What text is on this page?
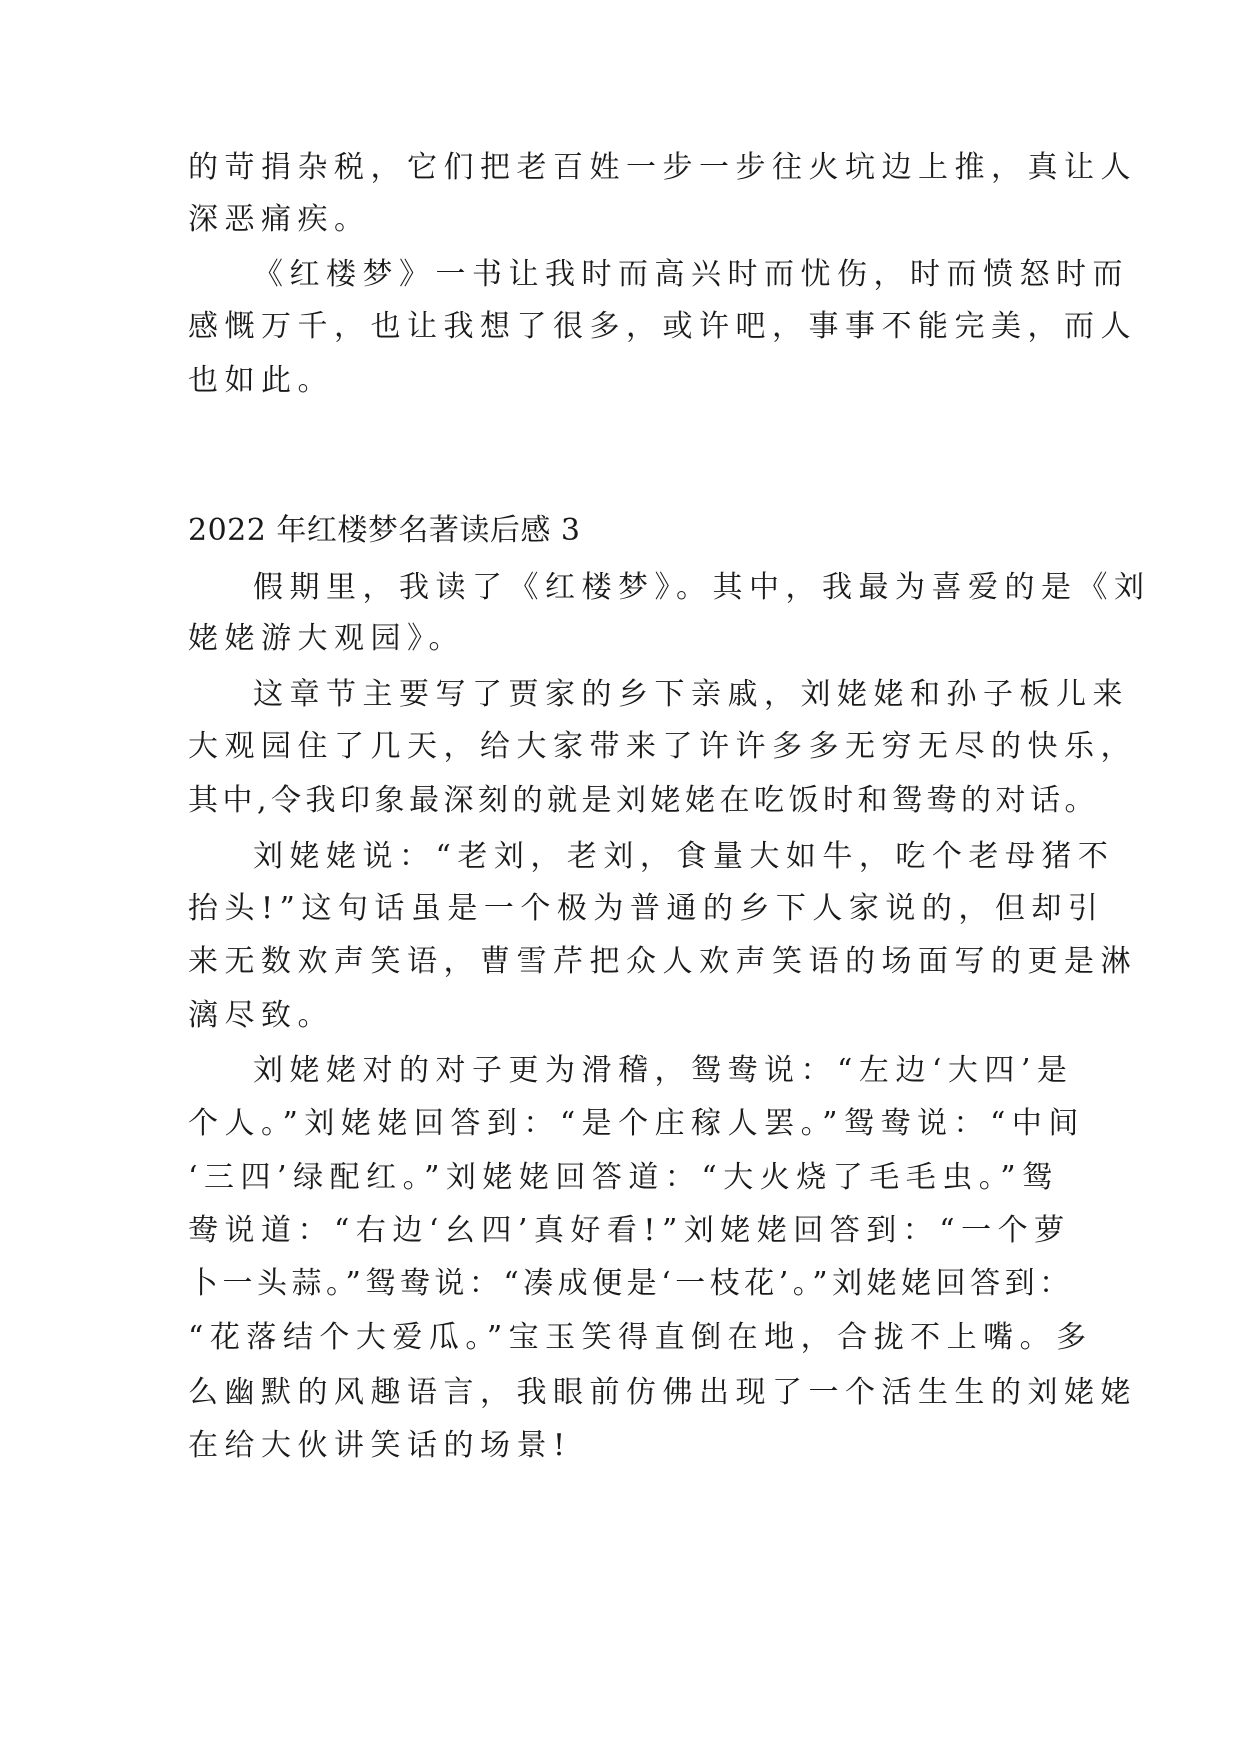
的苛捐杂税，它们把老百姓一步一步往火坑边上推，真让人
深恶痛疾。
《红楼梦》一书让我时而高兴时而忧伤，时而愤怒时而
感慨万千，也让我想了很多，或许吧，事事不能完美，而人
也如此。
2022 年红楼梦名著读后感 3
假期里，我读了《红楼梦》。其中，我最为喜爱的是《刘
姥姥游大观园》。
这章节主要写了贾家的乡下亲戚，刘姥姥和孙子板儿来
大观园住了几天，给大家带来了许许多多无穷无尽的快乐，
其中,令我印象最深刻的就是刘姥姥在吃饭时和鸳鸯的对话。
刘姥姥说：“老刘，老刘，食量大如牛，吃个老母猪不
抬头!”这句话虽是一个极为普通的乡下人家说的，但却引
来无数欢声笑语，曹雪芹把众人欢声笑语的场面写的更是淋
漓尽致。
刘姥姥对的对子更为滑稽，鸳鸯说：“左边‘大四’是
个人。”刘姥姥回答到：“是个庄稼人罢。”鸳鸯说：“中间
‘三四’绿配红。”刘姥姥回答道：“大火烧了毛毛虫。”鸳
鸯说道：“右边‘幺四’真好看!”刘姥姥回答到：“一个萝
卜一头蒜。”鸳鸯说：“凑成便是‘一枝花’。”刘姥姥回答到：
“花落结个大爱瓜。”宝玉笑得直倒在地，合拢不上嘴。多
么幽默的风趣语言，我眼前仿佛出现了一个活生生的刘姥姥
在给大伙讲笑话的场景!
